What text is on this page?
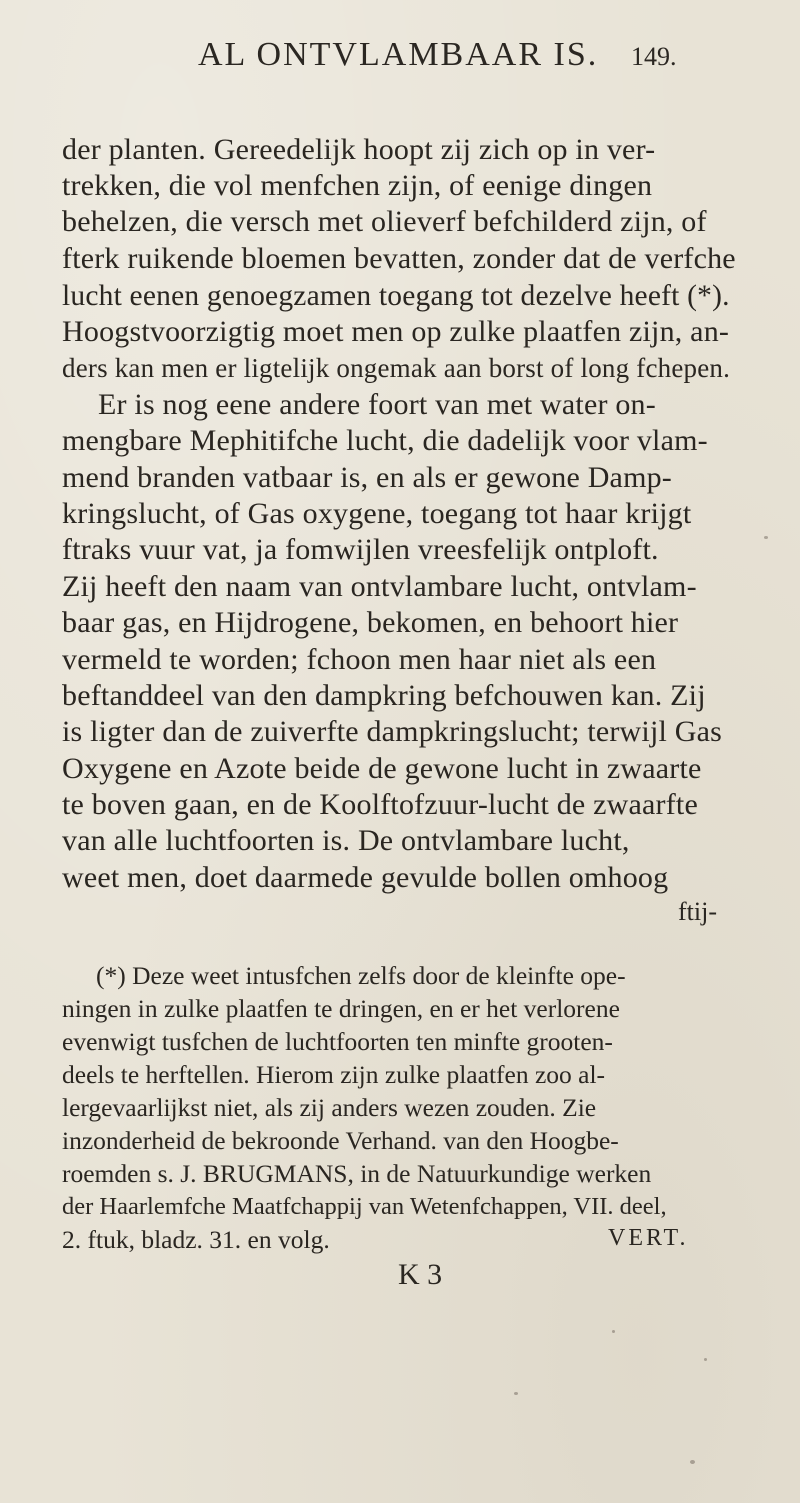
AL ONTVLAMBAAR IS. 149.
der planten. Gereedelijk hoopt zij zich op in ver-
trekken, die vol menfchen zijn, of eenige dingen
behelzen, die versch met olieverf befchilderd zijn, of
fterk ruikende bloemen bevatten, zonder dat de verfche
lucht eenen genoegzamen toegang tot dezelve heeft (*).
Hoogstvoorzigtig moet men op zulke plaatfen zijn, an-
ders kan men er ligtelijk ongemak aan borst of long fchepen.
Er is nog eene andere foort van met water on-
mengbare Mephitifche lucht, die dadelijk voor vlam-
mend branden vatbaar is, en als er gewone Damp-
kringslucht, of Gas oxygene, toegang tot haar krijgt
ftraks vuur vat, ja fomwijlen vreesfelijk ontploft.
Zij heeft den naam van ontvlambare lucht, ontvlam-
baar gas, en Hijdrogene, bekomen, en behoort hier
vermeld te worden; fchoon men haar niet als een
beftanddeel van den dampkring befchouwen kan. Zij
is ligter dan de zuiverfte dampkringslucht; terwijl Gas
Oxygene en Azote beide de gewone lucht in zwaarte
te boven gaan, en de Koolftofzuur-lucht de zwaarfte
van alle luchtfoorten is. De ontvlambare lucht,
weet men, doet daarmede gevulde bollen omhoog
ftij-
(*) Deze weet intusfchen zelfs door de kleinfte ope-
ningen in zulke plaatfen te dringen, en er het verlorene
evenwigt tusfchen de luchtfoorten ten minfte grooten-
deels te herftellen. Hierom zijn zulke plaatfen zoo al-
lergevaarlijkst niet, als zij anders wezen zouden. Zie
inzonderheid de bekroonde Verhand. van den Hoogbe-
roemden s. J. BRUGMANS, in de Natuurkundige werken
der Haarlemfche Maatfchappij van Wetenfchappen, VII. deel,
2. ftuk, bladz. 31. en volg.	VERT.
K 3
